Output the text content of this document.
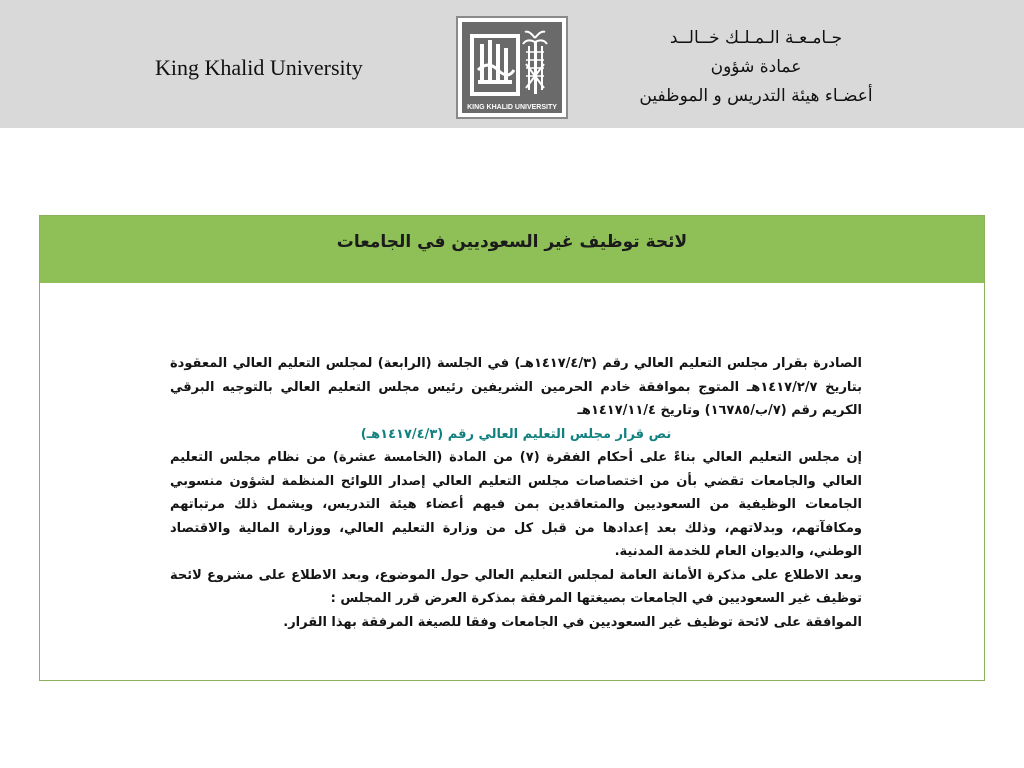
King Khalid University
KING KHALID UNIVERSITY
جـامـعـة الـمـلـك خــالــد
عمادة شؤون
أعضـاء هيئة التدريس و الموظفين
لائحة توظيف غير السعوديين في الجامعات

الصادرة بقرار مجلس التعليم العالي رقم (١٤١٧/٤/٣هـ) في الجلسة (الرابعة) لمجلس التعليم العالي المعقودة بتاريخ ١٤١٧/٢/٧هـ المتوج بموافقة خادم الحرمين الشريفين رئيس مجلس التعليم العالي بالتوجيه البرقي الكريم رقم (٧/ب/١٦٧٨٥) وتاريخ ١٤١٧/١١/٤هـ

نص قرار مجلس التعليم العالي رقم (١٤١٧/٤/٣هـ)

إن مجلس التعليم العالي بناءً على أحكام الفقرة (٧) من المادة (الخامسة عشرة) من نظام مجلس التعليم العالي والجامعات تقضي بأن من اختصاصات مجلس التعليم العالي إصدار اللوائح المنظمة لشؤون منسوبي الجامعات الوظيفية من السعوديين والمتعاقدين بمن فيهم أعضاء هيئة التدريس، ويشمل ذلك مرتباتهم ومكافآتهم، وبدلاتهم، وذلك بعد إعدادها من قبل كل من وزارة التعليم العالي، ووزارة المالية والاقتصاد الوطني، والديوان العام للخدمة المدنية.

وبعد الاطلاع على مذكرة الأمانة العامة لمجلس التعليم العالي حول الموضوع، وبعد الاطلاع على مشروع لائحة توظيف غير السعوديين في الجامعات بصيغتها المرفقة بمذكرة العرض قرر المجلس :

الموافقة على لائحة توظيف غير السعوديين في الجامعات وفقا للصيغة المرفقة بهذا القرار.
